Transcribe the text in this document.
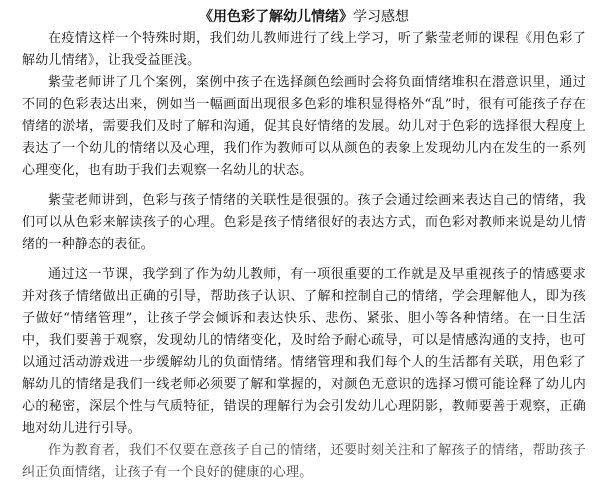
《用色彩了解幼儿情绪》学习感想

在疫情这样一个特殊时期，我们幼儿教师进行了线上学习，听了紫莹老师的课程《用色彩了解幼儿情绪》，让我受益匪浅。

紫莹老师讲了几个案例，案例中孩子在选择颜色绘画时会将负面情绪堆积在潜意识里，通过不同的色彩表达出来，例如当一幅画面出现很多色彩的堆积显得格外“乱”时，很有可能孩子存在情绪的淤堵，需要我们及时了解和沟通，促其良好情绪的发展。幼儿对于色彩的选择很大程度上表达了一个幼儿的情绪以及心理，我们作为教师可以从颜色的表象上发现幼儿内在发生的一系列心理变化，也有助于我们去观察一名幼儿的状态。

紫莹老师讲到，色彩与孩子情绪的关联性是很强的。孩子会通过绘画来表达自己的情绪，我们可以从色彩来解读孩子的心理。色彩是孩子情绪很好的表达方式，而色彩对教师来说是幼儿情绪的一种静态的表征。

通过这一节课，我学到了作为幼儿教师，有一项很重要的工作就是及早重视孩子的情感要求并对孩子情绪做出正确的引导，帮助孩子认识、了解和控制自己的情绪，学会理解他人，即为孩子做好“情绪管理”，让孩子学会倾诉和表达快乐、悲伤、紧张、胆小等各种情绪。在一日生活中，我们要善于观察，发现幼儿的情绪变化，及时给予耐心疏导，可以是情感沟通的支持，也可以通过活动游戏进一步缓解幼儿的负面情绪。情绪管理和我们每个人的生活都有关联，用色彩了解幼儿的情绪是我们一线老师必须要了解和掌握的，对颜色无意识的选择习惯可能诠释了幼儿内心的秘密，深层个性与气质特征，错误的理解行为会引发幼儿心理阴影，教师要善于观察，正确地对幼儿进行引导。

作为教育者，我们不仅要在意孩子自己的情绪，还要时刻关注和了解孩子的情绪，帮助孩子纠正负面情绪，让孩子有一个良好的健康的心理。
